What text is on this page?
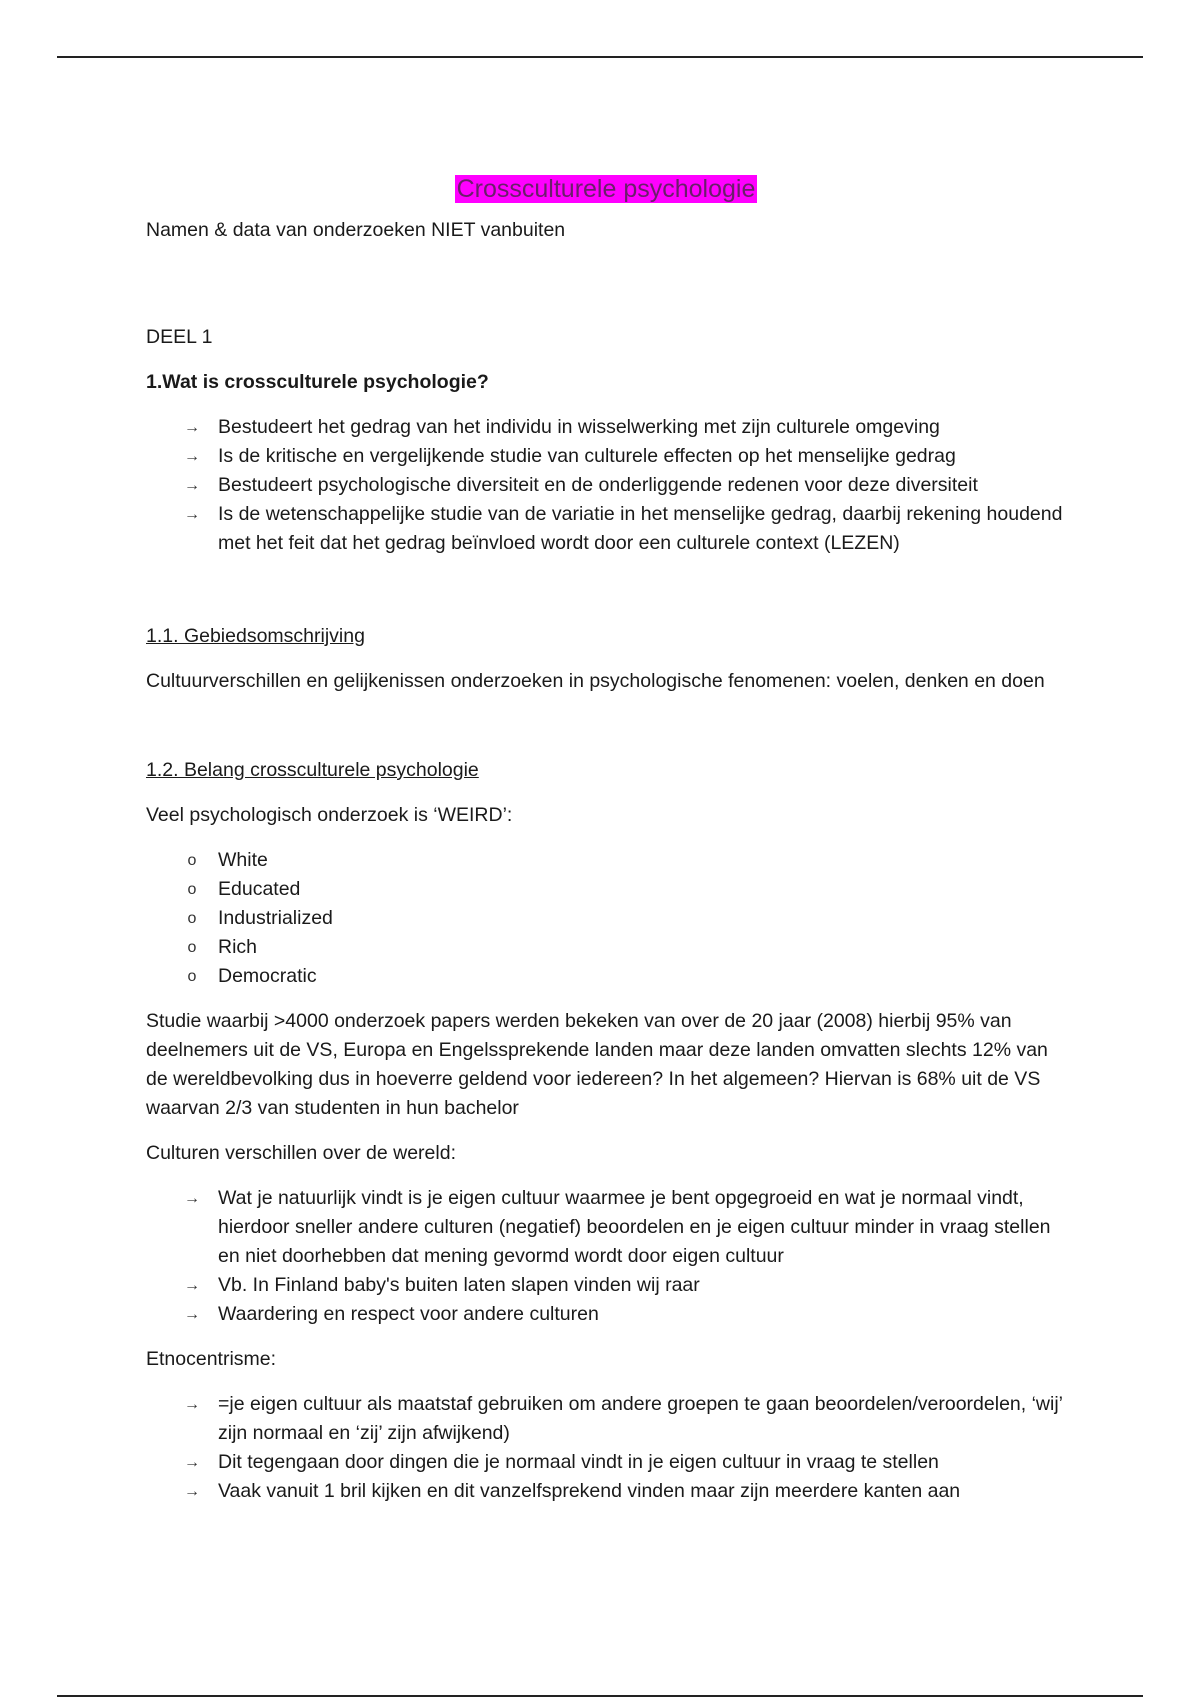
Crossculturele psychologie

Namen & data van onderzoeken NIET vanbuiten

DEEL 1

1.Wat is crossculturele psychologie?

→ Bestudeert het gedrag van het individu in wisselwerking met zijn culturele omgeving
→ Is de kritische en vergelijkende studie van culturele effecten op het menselijke gedrag
→ Bestudeert psychologische diversiteit en de onderliggende redenen voor deze diversiteit
→ Is de wetenschappelijke studie van de variatie in het menselijke gedrag, daarbij rekening houdend met het feit dat het gedrag beïnvloed wordt door een culturele context (LEZEN)

1.1. Gebiedsomschrijving

Cultuurverschillen en gelijkenissen onderzoeken in psychologische fenomenen: voelen, denken en doen

1.2. Belang crossculturele psychologie

Veel psychologisch onderzoek is ‘WEIRD’:

o	White
o	Educated
o	Industrialized
o	Rich
o	Democratic

Studie waarbij >4000 onderzoek papers werden bekeken van over de 20 jaar (2008) hierbij 95% van deelnemers uit de VS, Europa en Engelssprekende landen maar deze landen omvatten slechts 12% van de wereldbevolking dus in hoeverre geldend voor iedereen? In het algemeen? Hiervan is 68% uit de VS waarvan 2/3 van studenten in hun bachelor

Culturen verschillen over de wereld:

→ Wat je natuurlijk vindt is je eigen cultuur waarmee je bent opgegroeid en wat je normaal vindt, hierdoor sneller andere culturen (negatief) beoordelen en je eigen cultuur minder in vraag stellen en niet doorhebben dat mening gevormd wordt door eigen cultuur
→ Vb. In Finland baby's buiten laten slapen vinden wij raar
→ Waardering en respect voor andere culturen

Etnocentrisme:

→ =je eigen cultuur als maatstaf gebruiken om andere groepen te gaan beoordelen/veroordelen, ‘wij’ zijn normaal en ‘zij’ zijn afwijkend)
→ Dit tegengaan door dingen die je normaal vindt in je eigen cultuur in vraag te stellen
→ Vaak vanuit 1 bril kijken en dit vanzelfsprekend vinden maar zijn meerdere kanten aan
